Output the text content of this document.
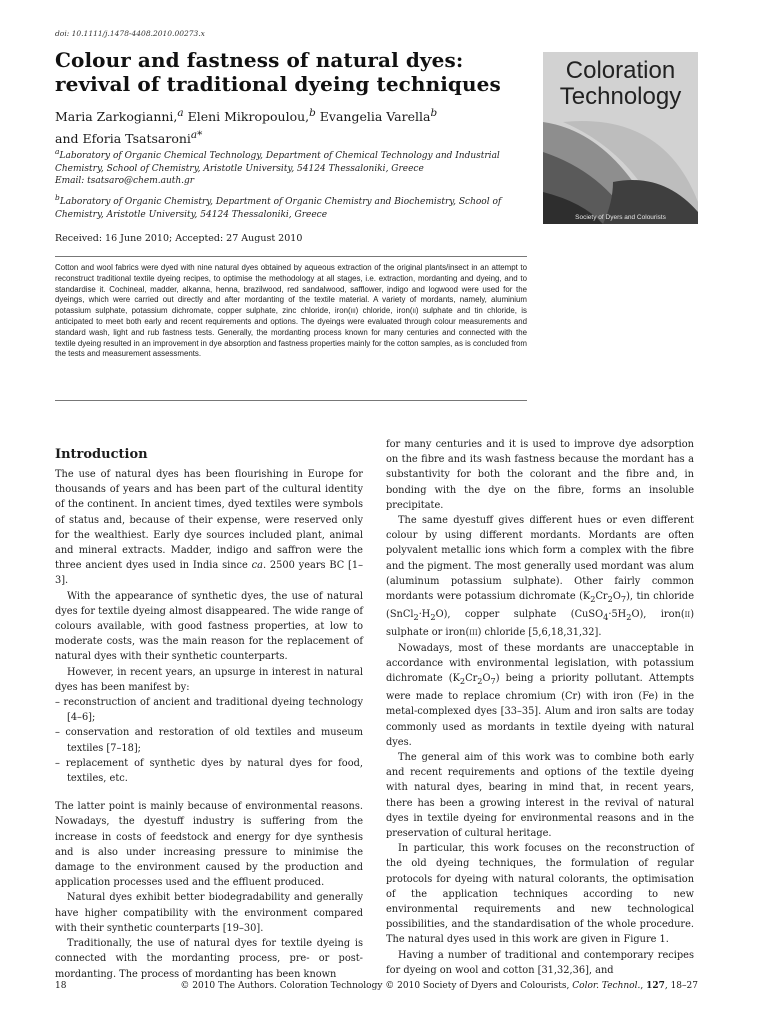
doi: 10.1111/j.1478-4408.2010.00273.x
Colour and fastness of natural dyes:
revival of traditional dyeing techniques
Maria Zarkogianni,$^a$ Eleni Mikropoulou,$^b$ Evangelia Varella$^b$
and Eforia Tsatsaroni$^{a*}$
$^a$Laboratory of Organic Chemical Technology, Department of Chemical Technology and Industrial Chemistry, School of Chemistry, Aristotle University, 54124 Thessaloniki, Greece
Email: tsatsaro@chem.auth.gr
$^b$Laboratory of Organic Chemistry, Department of Organic Chemistry and Biochemistry, School of Chemistry, Aristotle University, 54124 Thessaloniki, Greece
Received: 16 June 2010; Accepted: 27 August 2010
Cotton and wool fabrics were dyed with nine natural dyes obtained by aqueous extraction of the original plants/insect in an attempt to reconstruct traditional textile dyeing recipes, to optimise the methodology at all stages, i.e. extraction, mordanting and dyeing, and to standardise it. Cochineal, madder, alkanna, henna, brazilwood, red sandalwood, safflower, indigo and logwood were used for the dyeings, which were carried out directly and after mordanting of the textile material. A variety of mordants, namely, aluminium potassium sulphate, potassium dichromate, copper sulphate, zinc chloride, iron(iii) chloride, iron(ii) sulphate and tin chloride, is anticipated to meet both early and recent requirements and options. The dyeings were evaluated through colour measurements and standard wash, light and rub fastness tests. Generally, the mordanting process known for many centuries and connected with the textile dyeing resulted in an improvement in dye absorption and fastness properties mainly for the cotton samples, as is concluded from the tests and measurement assessments.
Coloration
Technology
Society of Dyers and Colourists
Introduction

The use of natural dyes has been flourishing in Europe for thousands of years and has been part of the cultural identity of the continent. In ancient times, dyed textiles were symbols of status and, because of their expense, were reserved only for the wealthiest. Early dye sources included plant, animal and mineral extracts. Madder, indigo and saffron were the three ancient dyes used in India since ca. 2500 years BC [1–3].

With the appearance of synthetic dyes, the use of natural dyes for textile dyeing almost disappeared. The wide range of colours available, with good fastness properties, at low to moderate costs, was the main reason for the replacement of natural dyes with their synthetic counterparts.

However, in recent years, an upsurge in interest in natural dyes has been manifest by:

– reconstruction of ancient and traditional dyeing technology [4–6];
– conservation and restoration of old textiles and museum textiles [7–18];
– replacement of synthetic dyes by natural dyes for food, textiles, etc.

The latter point is mainly because of environmental reasons. Nowadays, the dyestuff industry is suffering from the increase in costs of feedstock and energy for dye synthesis and is also under increasing pressure to minimise the damage to the environment caused by the production and application processes used and the effluent produced.

Natural dyes exhibit better biodegradability and generally have higher compatibility with the environment compared with their synthetic counterparts [19–30].

Traditionally, the use of natural dyes for textile dyeing is connected with the mordanting process, pre- or post-mordanting. The process of mordanting has been known

for many centuries and it is used to improve dye adsorption on the fibre and its wash fastness because the mordant has a substantivity for both the colorant and the fibre and, in bonding with the dye on the fibre, forms an insoluble precipitate.

The same dyestuff gives different hues or even different colour by using different mordants. Mordants are often polyvalent metallic ions which form a complex with the fibre and the pigment. The most generally used mordant was alum (aluminum potassium sulphate). Other fairly common mordants were potassium dichromate $(K_2Cr_2O_7)$, tin chloride $(SnCl_2\cdot H_2O)$, copper sulphate $(CuSO_4\cdot 5H_2O)$, iron(ii) sulphate or iron(iii) chloride [5,6,18,31,32].

Nowadays, most of these mordants are unacceptable in accordance with environmental legislation, with potassium dichromate $(K_2Cr_2O_7)$ being a priority pollutant. Attempts were made to replace chromium (Cr) with iron (Fe) in the metal-complexed dyes [33–35]. Alum and iron salts are today commonly used as mordants in textile dyeing with natural dyes.

The general aim of this work was to combine both early and recent requirements and options of the textile dyeing with natural dyes, bearing in mind that, in recent years, there has been a growing interest in the revival of natural dyes in textile dyeing for environmental reasons and in the preservation of cultural heritage.

In particular, this work focuses on the reconstruction of the old dyeing techniques, the formulation of regular protocols for dyeing with natural colorants, the optimisation of the application techniques according to new environmental requirements and new technological possibilities, and the standardisation of the whole procedure. The natural dyes used in this work are given in Figure 1.

Having a number of traditional and contemporary recipes for dyeing on wool and cotton [31,32,36], and

18	© 2010 The Authors. Coloration Technology © 2010 Society of Dyers and Colourists, Color. Technol., 127, 18–27
